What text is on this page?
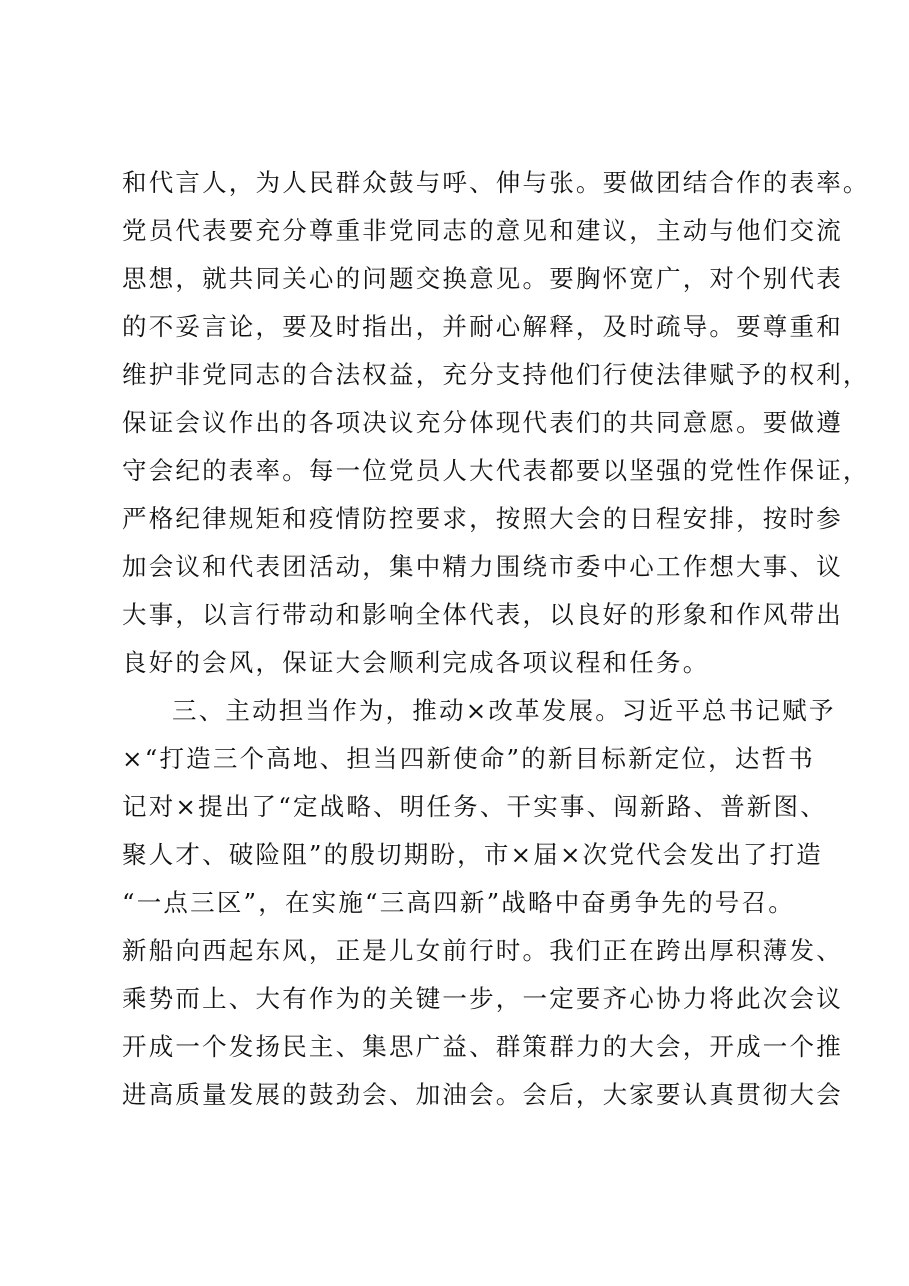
和代言人，为人民群众鼓与呼、伸与张。要做团结合作的表率。
党员代表要充分尊重非党同志的意见和建议，主动与他们交流
思想，就共同关心的问题交换意见。要胸怀宽广，对个别代表
的不妥言论，要及时指出，并耐心解释，及时疏导。要尊重和
维护非党同志的合法权益，充分支持他们行使法律赋予的权利，
保证会议作出的各项决议充分体现代表们的共同意愿。要做遵
守会纪的表率。每一位党员人大代表都要以坚强的党性作保证，
严格纪律规矩和疫情防控要求，按照大会的日程安排，按时参
加会议和代表团活动，集中精力围绕市委中心工作想大事、议
大事，以言行带动和影响全体代表，以良好的形象和作风带出
良好的会风，保证大会顺利完成各项议程和任务。
三、主动担当作为，推动×改革发展。习近平总书记赋予
×“打造三个高地、担当四新使命”的新目标新定位，达哲书
记对×提出了“定战略、明任务、干实事、闯新路、普新图、
聚人才、破险阻”的殷切期盼，市×届×次党代会发出了打造
“一点三区”，在实施“三高四新”战略中奋勇争先的号召。
新船向西起东风，正是儿女前行时。我们正在跨出厚积薄发、
乘势而上、大有作为的关键一步，一定要齐心协力将此次会议
开成一个发扬民主、集思广益、群策群力的大会，开成一个推
进高质量发展的鼓劲会、加油会。会后，大家要认真贯彻大会
